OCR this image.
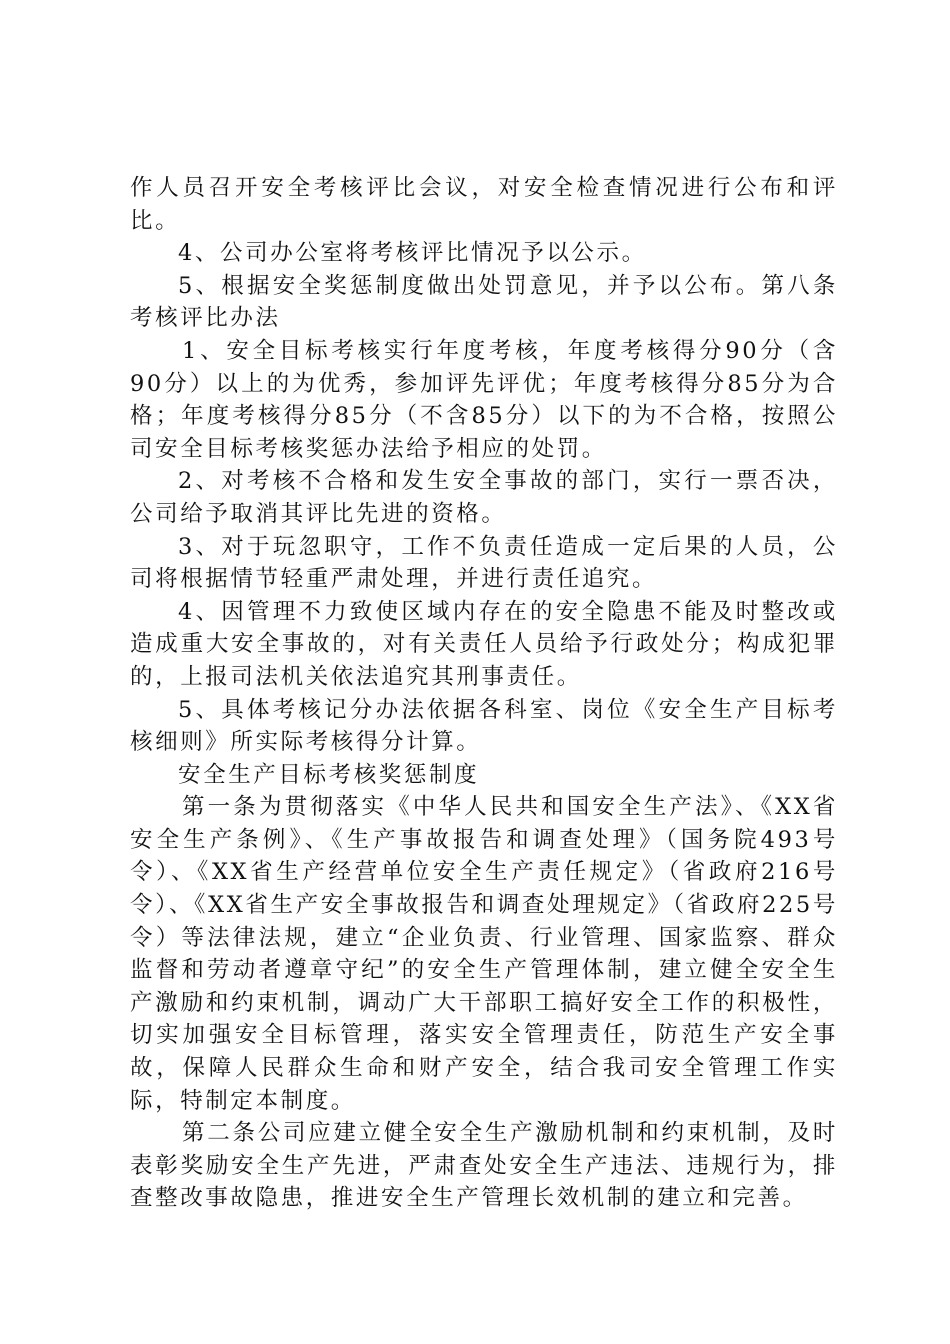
作人员召开安全考核评比会议，对安全检查情况进行公布和评比。

4、公司办公室将考核评比情况予以公示。

5、根据安全奖惩制度做出处罚意见，并予以公布。第八条考核评比办法

1、安全目标考核实行年度考核，年度考核得分90分（含90分）以上的为优秀，参加评先评优；年度考核得分85分为合格；年度考核得分85分（不含85分）以下的为不合格，按照公司安全目标考核奖惩办法给予相应的处罚。

2、对考核不合格和发生安全事故的部门，实行一票否决，公司给予取消其评比先进的资格。

3、对于玩忽职守，工作不负责任造成一定后果的人员，公司将根据情节轻重严肃处理，并进行责任追究。

4、因管理不力致使区域内存在的安全隐患不能及时整改或造成重大安全事故的，对有关责任人员给予行政处分；构成犯罪的，上报司法机关依法追究其刑事责任。

5、具体考核记分办法依据各科室、岗位《安全生产目标考核细则》所实际考核得分计算。

安全生产目标考核奖惩制度

第一条为贯彻落实《中华人民共和国安全生产法》、《XX省安全生产条例》、《生产事故报告和调查处理》（国务院493号令）、《XX省生产经营单位安全生产责任规定》（省政府216号令）、《XX省生产安全事故报告和调查处理规定》（省政府225号令）等法律法规，建立“企业负责、行业管理、国家监察、群众监督和劳动者遵章守纪”的安全生产管理体制，建立健全安全生产激励和约束机制，调动广大干部职工搞好安全工作的积极性，切实加强安全目标管理，落实安全管理责任，防范生产安全事故，保障人民群众生命和财产安全，结合我司安全管理工作实际，特制定本制度。

第二条公司应建立健全安全生产激励机制和约束机制，及时表彰奖励安全生产先进，严肃查处安全生产违法、违规行为，排查整改事故隐患，推进安全生产管理长效机制的建立和完善。
